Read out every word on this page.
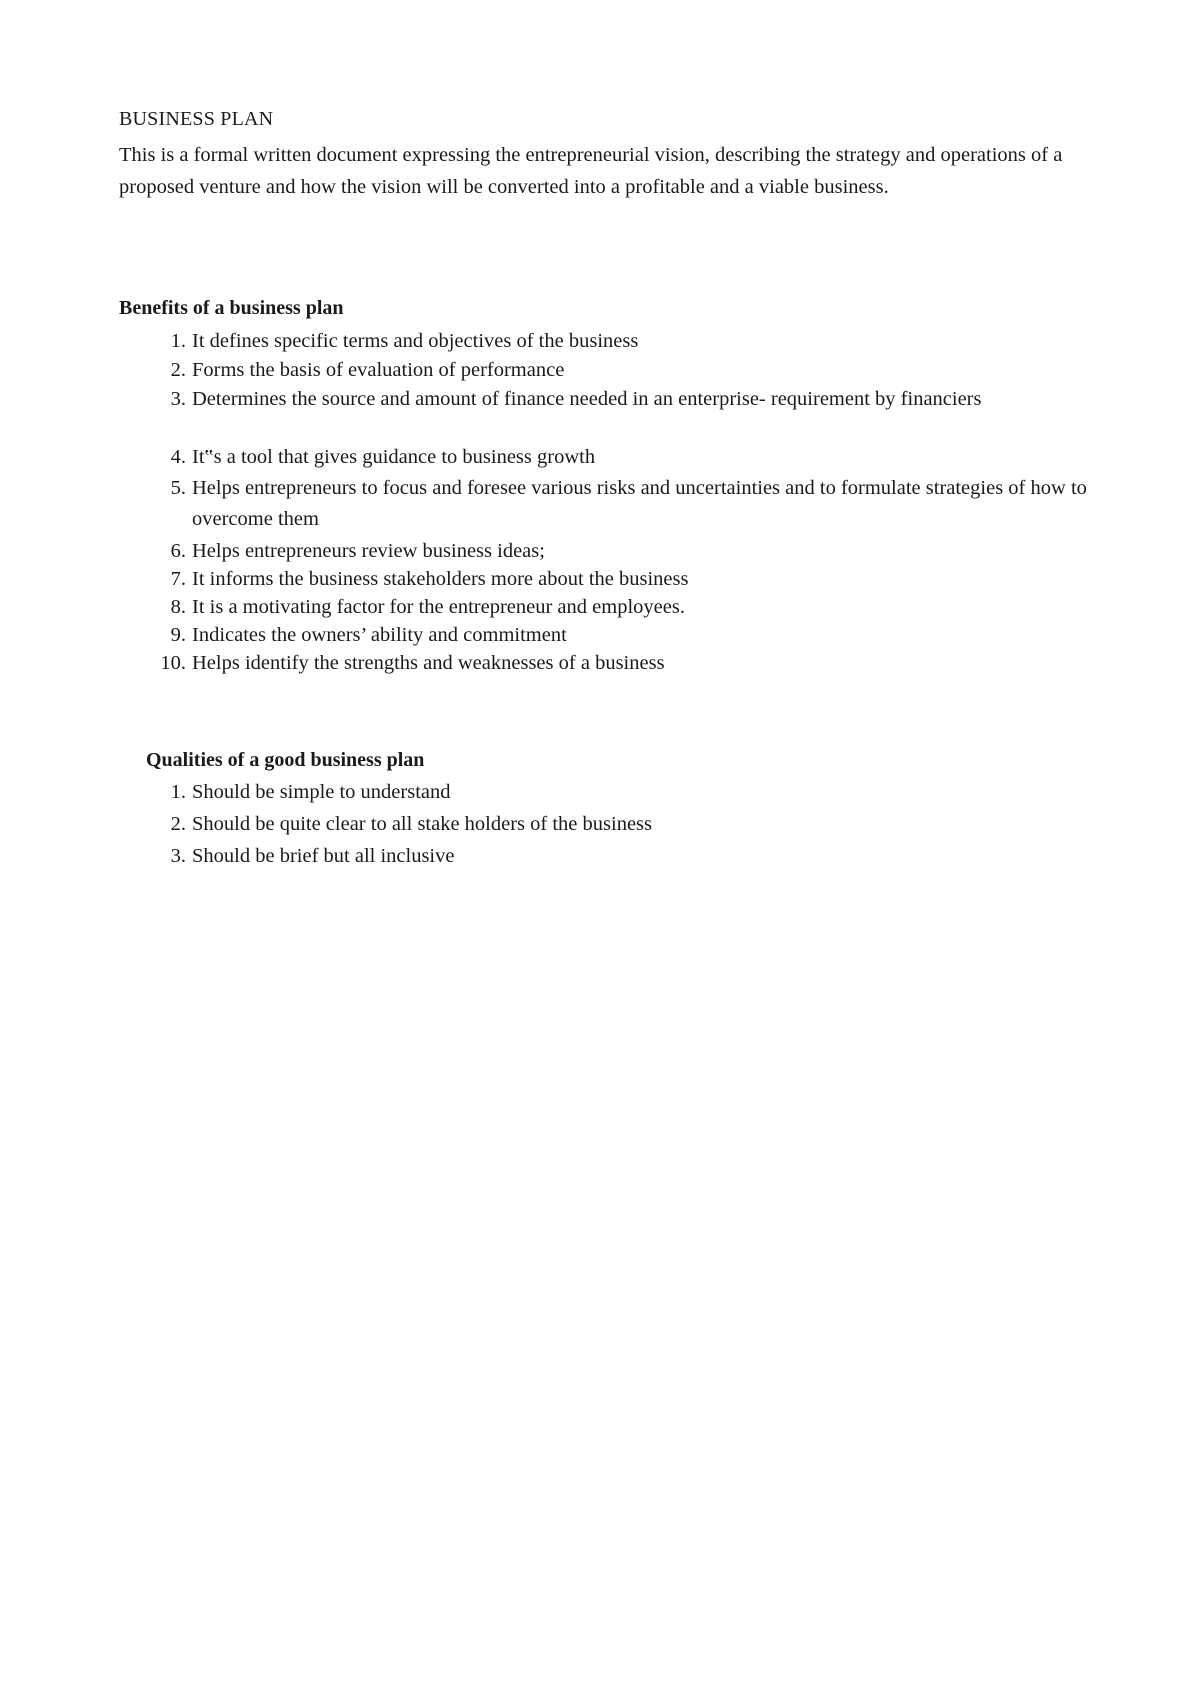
BUSINESS PLAN

This is a formal written document expressing the entrepreneurial vision, describing the strategy and operations of a proposed venture and how the vision will be converted into a profitable and a viable business.

Benefits of a business plan
1. It defines specific terms and objectives of the business
2. Forms the basis of evaluation of performance
3. Determines the source and amount of finance needed in an enterprise- requirement by financiers
4. It‟s a tool that gives guidance to business growth
5. Helps entrepreneurs to focus and foresee various risks and uncertainties and to formulate strategies of how to overcome them
6. Helps entrepreneurs review business ideas;
7. It informs the business stakeholders more about the business
8. It is a motivating factor for the entrepreneur and employees.
9. Indicates the owners’ ability and commitment
10. Helps identify the strengths and weaknesses of a business
Qualities of a good business plan
1. Should be simple to understand
2. Should be quite clear to all stake holders of the business
3. Should be brief but all inclusive
